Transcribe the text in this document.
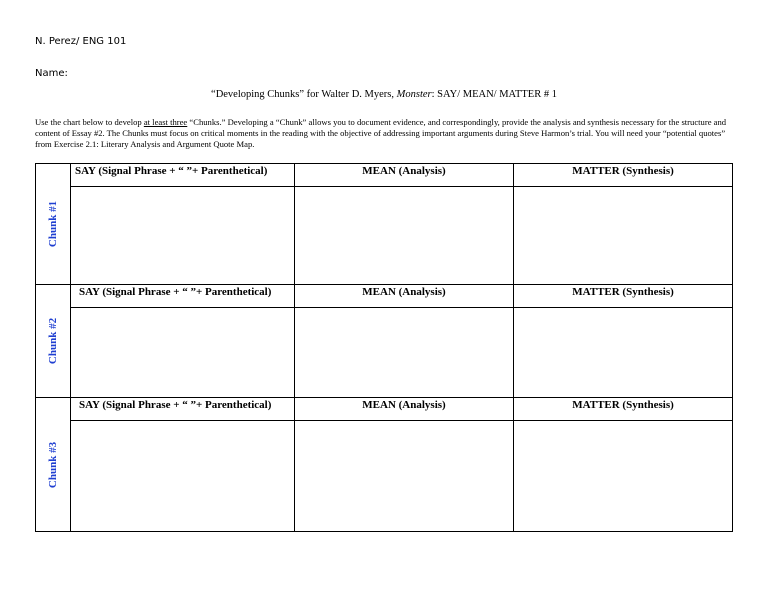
N. Perez/ ENG 101
Name:
“Developing Chunks” for Walter D. Myers, Monster: SAY/ MEAN/ MATTER # 1
Use the chart below to develop at least three “Chunks.” Developing a “Chunk” allows you to document evidence, and correspondingly, provide the analysis and synthesis necessary for the structure and content of Essay #2. The Chunks must focus on critical moments in the reading with the objective of addressing important arguments during Steve Harmon’s trial. You will need your “potential quotes” from Exercise 2.1: Literary Analysis and Argument Quote Map.
Chunk #1
SAY (Signal Phrase + “ ”+ Parenthetical)	MEAN (Analysis)	MATTER (Synthesis)
Chunk #2
SAY (Signal Phrase + “ ”+ Parenthetical)	MEAN (Analysis)	MATTER (Synthesis)
Chunk #3
SAY (Signal Phrase + “ ”+ Parenthetical)	MEAN (Analysis)	MATTER (Synthesis)
